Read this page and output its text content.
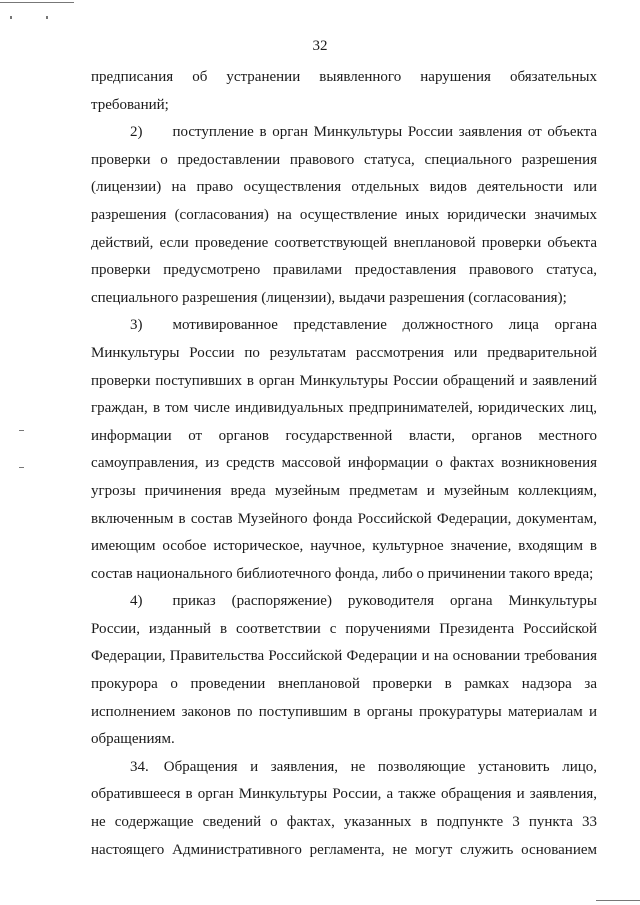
32

предписания об устранении выявленного нарушения обязательных требований;

2)  поступление в орган Минкультуры России заявления от объекта проверки о предоставлении правового статуса, специального разрешения (лицензии) на право осуществления отдельных видов деятельности или разрешения (согласования) на осуществление иных юридически значимых действий, если проведение соответствующей внеплановой проверки объекта проверки предусмотрено правилами предоставления правового статуса, специального разрешения (лицензии), выдачи разрешения (согласования);

3)  мотивированное представление должностного лица органа Минкультуры России по результатам рассмотрения или предварительной проверки поступивших в орган Минкультуры России обращений и заявлений граждан, в том числе индивидуальных предпринимателей, юридических лиц, информации от органов государственной власти, органов местного самоуправления, из средств массовой информации о фактах возникновения угрозы причинения вреда музейным предметам и музейным коллекциям, включенным в состав Музейного фонда Российской Федерации, документам, имеющим особое историческое, научное, культурное значение, входящим в состав национального библиотечного фонда, либо о причинении такого вреда;

4)  приказ (распоряжение) руководителя органа Минкультуры России, изданный в соответствии с поручениями Президента Российской Федерации, Правительства Российской Федерации и на основании требования прокурора о проведении внеплановой проверки в рамках надзора за исполнением законов по поступившим в органы прокуратуры материалам и обращениям.

34. Обращения и заявления, не позволяющие установить лицо, обратившееся в орган Минкультуры России, а также обращения и заявления, не содержащие сведений о фактах, указанных в подпункте 3 пункта 33 настоящего Административного регламента, не могут служить основанием
